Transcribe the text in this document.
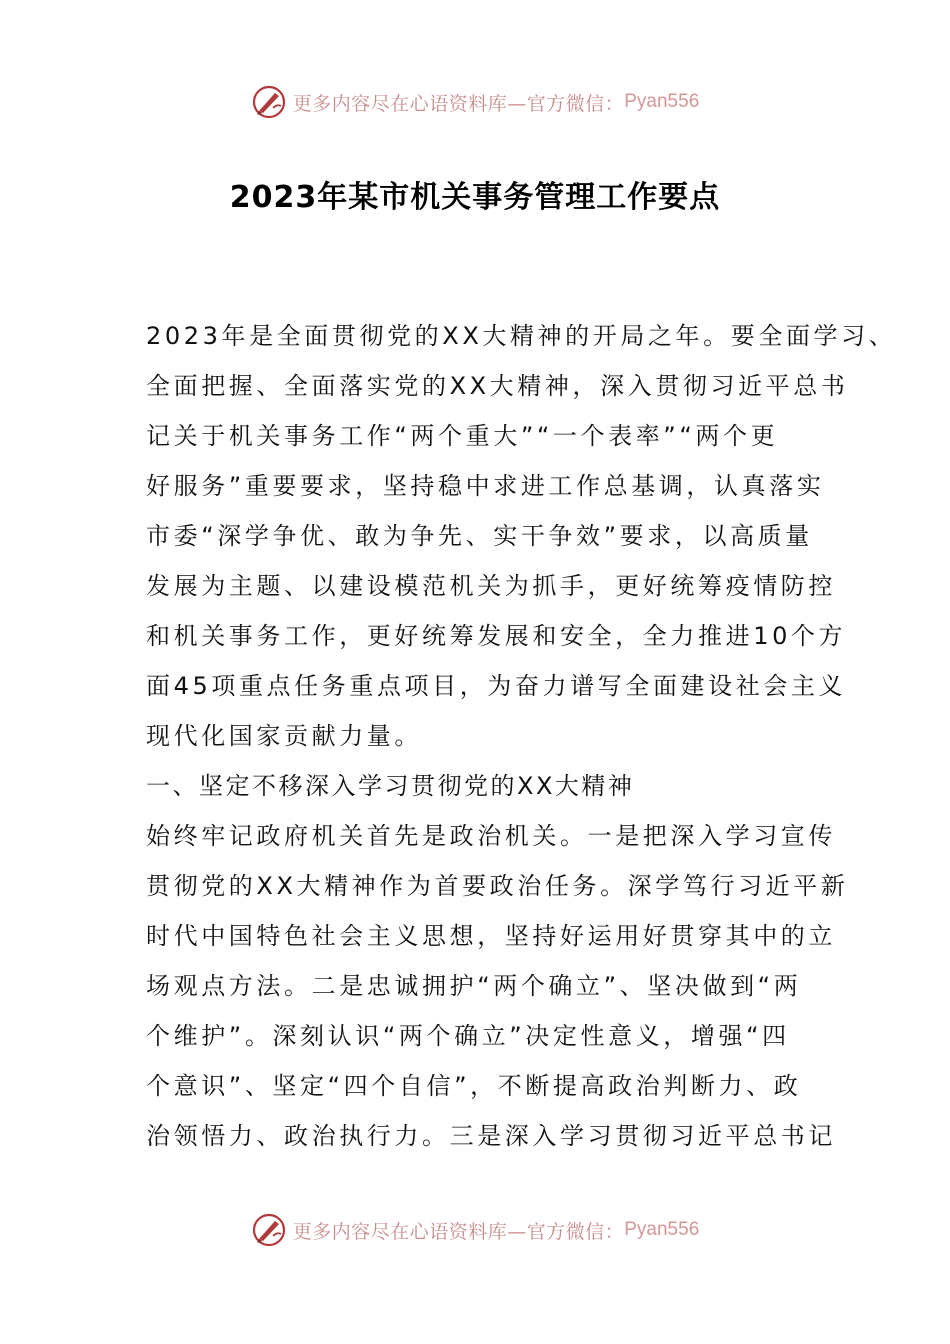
更多内容尽在心语资料库—官方微信： Pyan556
2023年某市机关事务管理工作要点
2023年是全面贯彻党的XX大精神的开局之年。要全面学习、
全面把握、全面落实党的XX大精神，深入贯彻习近平总书
记关于机关事务工作“两个重大”“一个表率”“两个更
好服务”重要要求，坚持稳中求进工作总基调，认真落实
市委“深学争优、敢为争先、实干争效”要求，以高质量
发展为主题、以建设模范机关为抓手，更好统筹疫情防控
和机关事务工作，更好统筹发展和安全，全力推进10个方
面45项重点任务重点项目，为奋力谱写全面建设社会主义
现代化国家贡献力量。
一、坚定不移深入学习贯彻党的XX大精神
始终牢记政府机关首先是政治机关。一是把深入学习宣传
贯彻党的XX大精神作为首要政治任务。深学笃行习近平新
时代中国特色社会主义思想，坚持好运用好贯穿其中的立
场观点方法。二是忠诚拥护“两个确立”、坚决做到“两
个维护”。深刻认识“两个确立”决定性意义，增强“四
个意识”、坚定“四个自信”，不断提高政治判断力、政
治领悟力、政治执行力。三是深入学习贯彻习近平总书记
更多内容尽在心语资料库—官方微信： Pyan556
